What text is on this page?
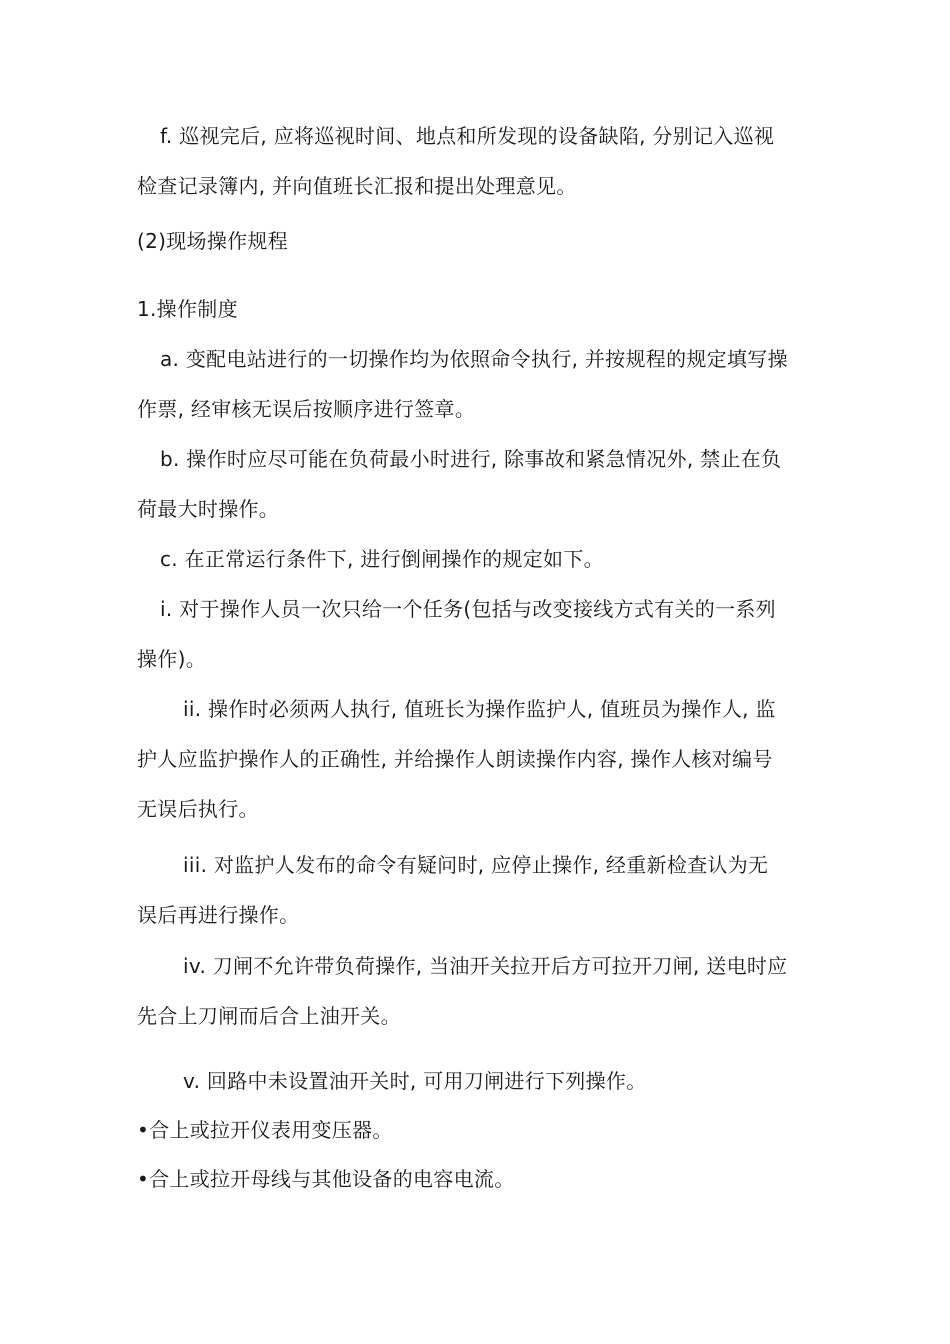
f. 巡视完后, 应将巡视时间、地点和所发现的设备缺陷, 分别记入巡视
检查记录簿内, 并向值班长汇报和提出处理意见。
(2)现场操作规程
1.操作制度
a. 变配电站进行的一切操作均为依照命令执行, 并按规程的规定填写操
作票, 经审核无误后按顺序进行签章。
b. 操作时应尽可能在负荷最小时进行, 除事故和紧急情况外, 禁止在负
荷最大时操作。
c. 在正常运行条件下, 进行倒闸操作的规定如下。
i. 对于操作人员一次只给一个任务(包括与改变接线方式有关的一系列
操作)。
ii. 操作时必须两人执行, 值班长为操作监护人, 值班员为操作人, 监
护人应监护操作人的正确性, 并给操作人朗读操作内容, 操作人核对编号
无误后执行。
iii. 对监护人发布的命令有疑问时, 应停止操作, 经重新检查认为无
误后再进行操作。
iv. 刀闸不允许带负荷操作, 当油开关拉开后方可拉开刀闸, 送电时应
先合上刀闸而后合上油开关。
v. 回路中未设置油开关时, 可用刀闸进行下列操作。
•合上或拉开仪表用变压器。
•合上或拉开母线与其他设备的电容电流。
